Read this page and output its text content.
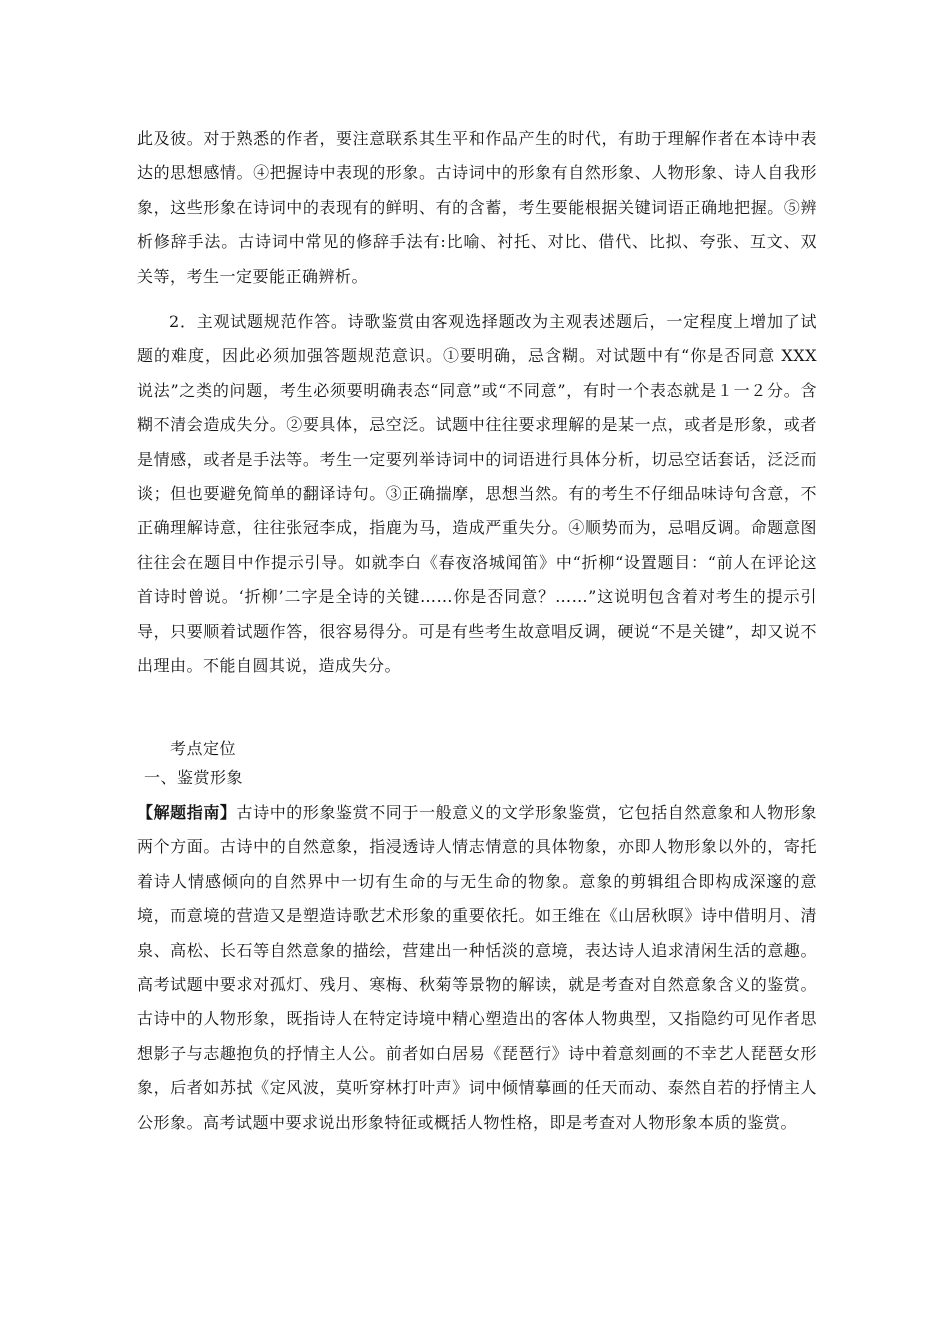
此及彼。对于熟悉的作者，要注意联系其生平和作品产生的时代，有助于理解作者在本诗中表达的思想感情。④把握诗中表现的形象。古诗词中的形象有自然形象、人物形象、诗人自我形象，这些形象在诗词中的表现有的鲜明、有的含蓄，考生要能根据关键词语正确地把握。⑤辨析修辞手法。古诗词中常见的修辞手法有:比喻、衬托、对比、借代、比拟、夸张、互文、双关等，考生一定要能正确辨析。

2．主观试题规范作答。诗歌鉴赏由客观选择题改为主观表述题后，一定程度上增加了试题的难度，因此必须加强答题规范意识。①要明确，忌含糊。对试题中有“你是否同意 XXX 说法”之类的问题，考生必须要明确表态“同意”或“不同意”，有时一个表态就是１一２分。含糊不清会造成失分。②要具体，忌空泛。试题中往往要求理解的是某一点，或者是形象，或者是情感，或者是手法等。考生一定要列举诗词中的词语进行具体分析，切忌空话套话，泛泛而谈；但也要避免简单的翻译诗句。③正确揣摩，思想当然。有的考生不仔细品味诗句含意，不正确理解诗意，往往张冠李成，指鹿为马，造成严重失分。④顺势而为，忌唱反调。命题意图往往会在题目中作提示引导。如就李白《春夜洛城闻笛》中“折柳“设置题目：“前人在评论这首诗时曾说。‘折柳’二字是全诗的关键……你是否同意？……”这说明包含着对考生的提示引导，只要顺着试题作答，很容易得分。可是有些考生故意唱反调，硬说“不是关键”，却又说不出理由。不能自圆其说，造成失分。

考点定位

一、鉴赏形象

【解题指南】古诗中的形象鉴赏不同于一般意义的文学形象鉴赏，它包括自然意象和人物形象两个方面。古诗中的自然意象，指浸透诗人情志情意的具体物象，亦即人物形象以外的，寄托着诗人情感倾向的自然界中一切有生命的与无生命的物象。意象的剪辑组合即构成深邃的意境，而意境的营造又是塑造诗歌艺术形象的重要依托。如王维在《山居秋暝》诗中借明月、清泉、高松、长石等自然意象的描绘，营建出一种恬淡的意境，表达诗人追求清闲生活的意趣。高考试题中要求对孤灯、残月、寒梅、秋菊等景物的解读，就是考查对自然意象含义的鉴赏。古诗中的人物形象，既指诗人在特定诗境中精心塑造出的客体人物典型，又指隐约可见作者思想影子与志趣抱负的抒情主人公。前者如白居易《琵琶行》诗中着意刻画的不幸艺人琵琶女形象，后者如苏拭《定风波，莫听穿林打叶声》词中倾情摹画的任天而动、泰然自若的抒情主人公形象。高考试题中要求说出形象特征或概括人物性格，即是考查对人物形象本质的鉴赏。
